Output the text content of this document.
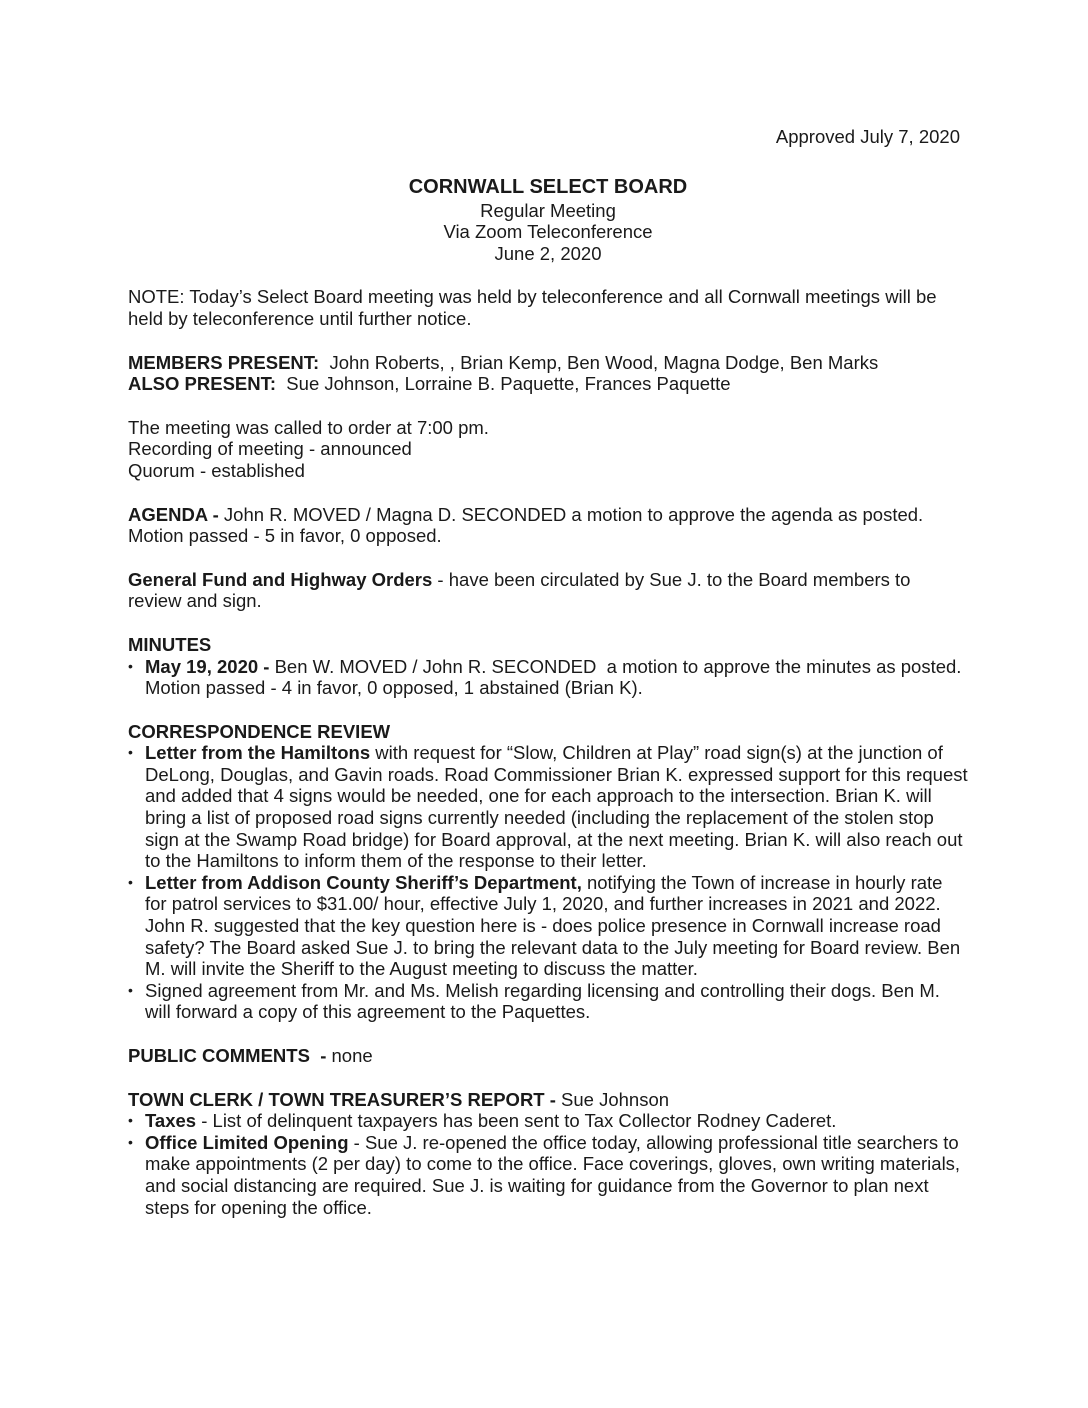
Approved July 7, 2020

CORNWALL SELECT BOARD
Regular Meeting
Via Zoom Teleconference
June 2, 2020

NOTE: Today’s Select Board meeting was held by teleconference and all Cornwall meetings will be held by teleconference until further notice.

MEMBERS PRESENT:  John Roberts, , Brian Kemp, Ben Wood, Magna Dodge, Ben Marks

ALSO PRESENT:  Sue Johnson, Lorraine B. Paquette, Frances Paquette

The meeting was called to order at 7:00 pm.

Recording of meeting - announced

Quorum - established

AGENDA - John R. MOVED / Magna D. SECONDED a motion to approve the agenda as posted. Motion passed - 5 in favor, 0 opposed.

General Fund and Highway Orders - have been circulated by Sue J. to the Board members to review and sign.

MINUTES

• May 19, 2020 - Ben W. MOVED / John R. SECONDED  a motion to approve the minutes as posted. Motion passed - 4 in favor, 0 opposed, 1 abstained (Brian K).

CORRESPONDENCE REVIEW

• Letter from the Hamiltons with request for “Slow, Children at Play” road sign(s) at the junction of DeLong, Douglas, and Gavin roads. Road Commissioner Brian K. expressed support for this request and added that 4 signs would be needed, one for each approach to the intersection. Brian K. will bring a list of proposed road signs currently needed (including the replacement of the stolen stop sign at the Swamp Road bridge) for Board approval, at the next meeting. Brian K. will also reach out to the Hamiltons to inform them of the response to their letter.
• Letter from Addison County Sheriff’s Department, notifying the Town of increase in hourly rate for patrol services to $31.00/ hour, effective July 1, 2020, and further increases in 2021 and 2022. John R. suggested that the key question here is - does police presence in Cornwall increase road safety? The Board asked Sue J. to bring the relevant data to the July meeting for Board review. Ben M. will invite the Sheriff to the August meeting to discuss the matter.
• Signed agreement from Mr. and Ms. Melish regarding licensing and controlling their dogs. Ben M. will forward a copy of this agreement to the Paquettes.

PUBLIC COMMENTS  - none

TOWN CLERK / TOWN TREASURER’S REPORT - Sue Johnson

• Taxes - List of delinquent taxpayers has been sent to Tax Collector Rodney Caderet.
• Office Limited Opening - Sue J. re-opened the office today, allowing professional title searchers to make appointments (2 per day) to come to the office. Face coverings, gloves, own writing materials, and social distancing are required. Sue J. is waiting for guidance from the Governor to plan next steps for opening the office.
